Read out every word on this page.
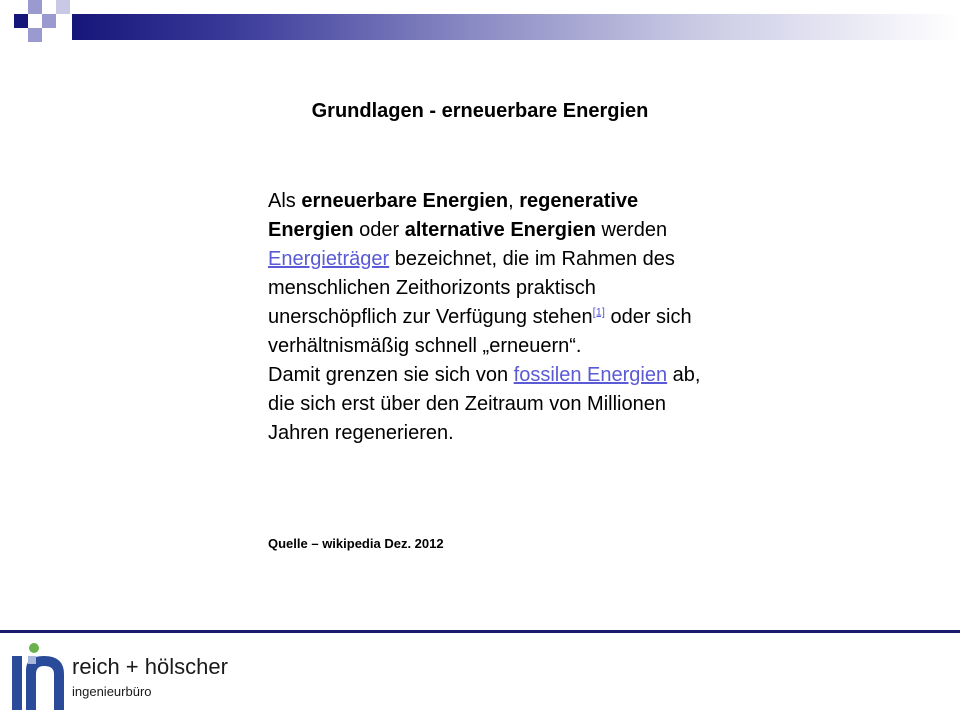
Grundlagen - erneuerbare Energien

Als erneuerbare Energien, regenerative Energien oder alternative Energien werden Energieträger bezeichnet, die im Rahmen des menschlichen Zeithorizonts praktisch unerschöpflich zur Verfügung stehen[1] oder sich verhältnismäßig schnell „erneuern“.

Damit grenzen sie sich von fossilen Energien ab, die sich erst über den Zeitraum von Millionen Jahren regenerieren.

Quelle – wikipedia Dez. 2012
reich + hölscher
ingenieurbüro
